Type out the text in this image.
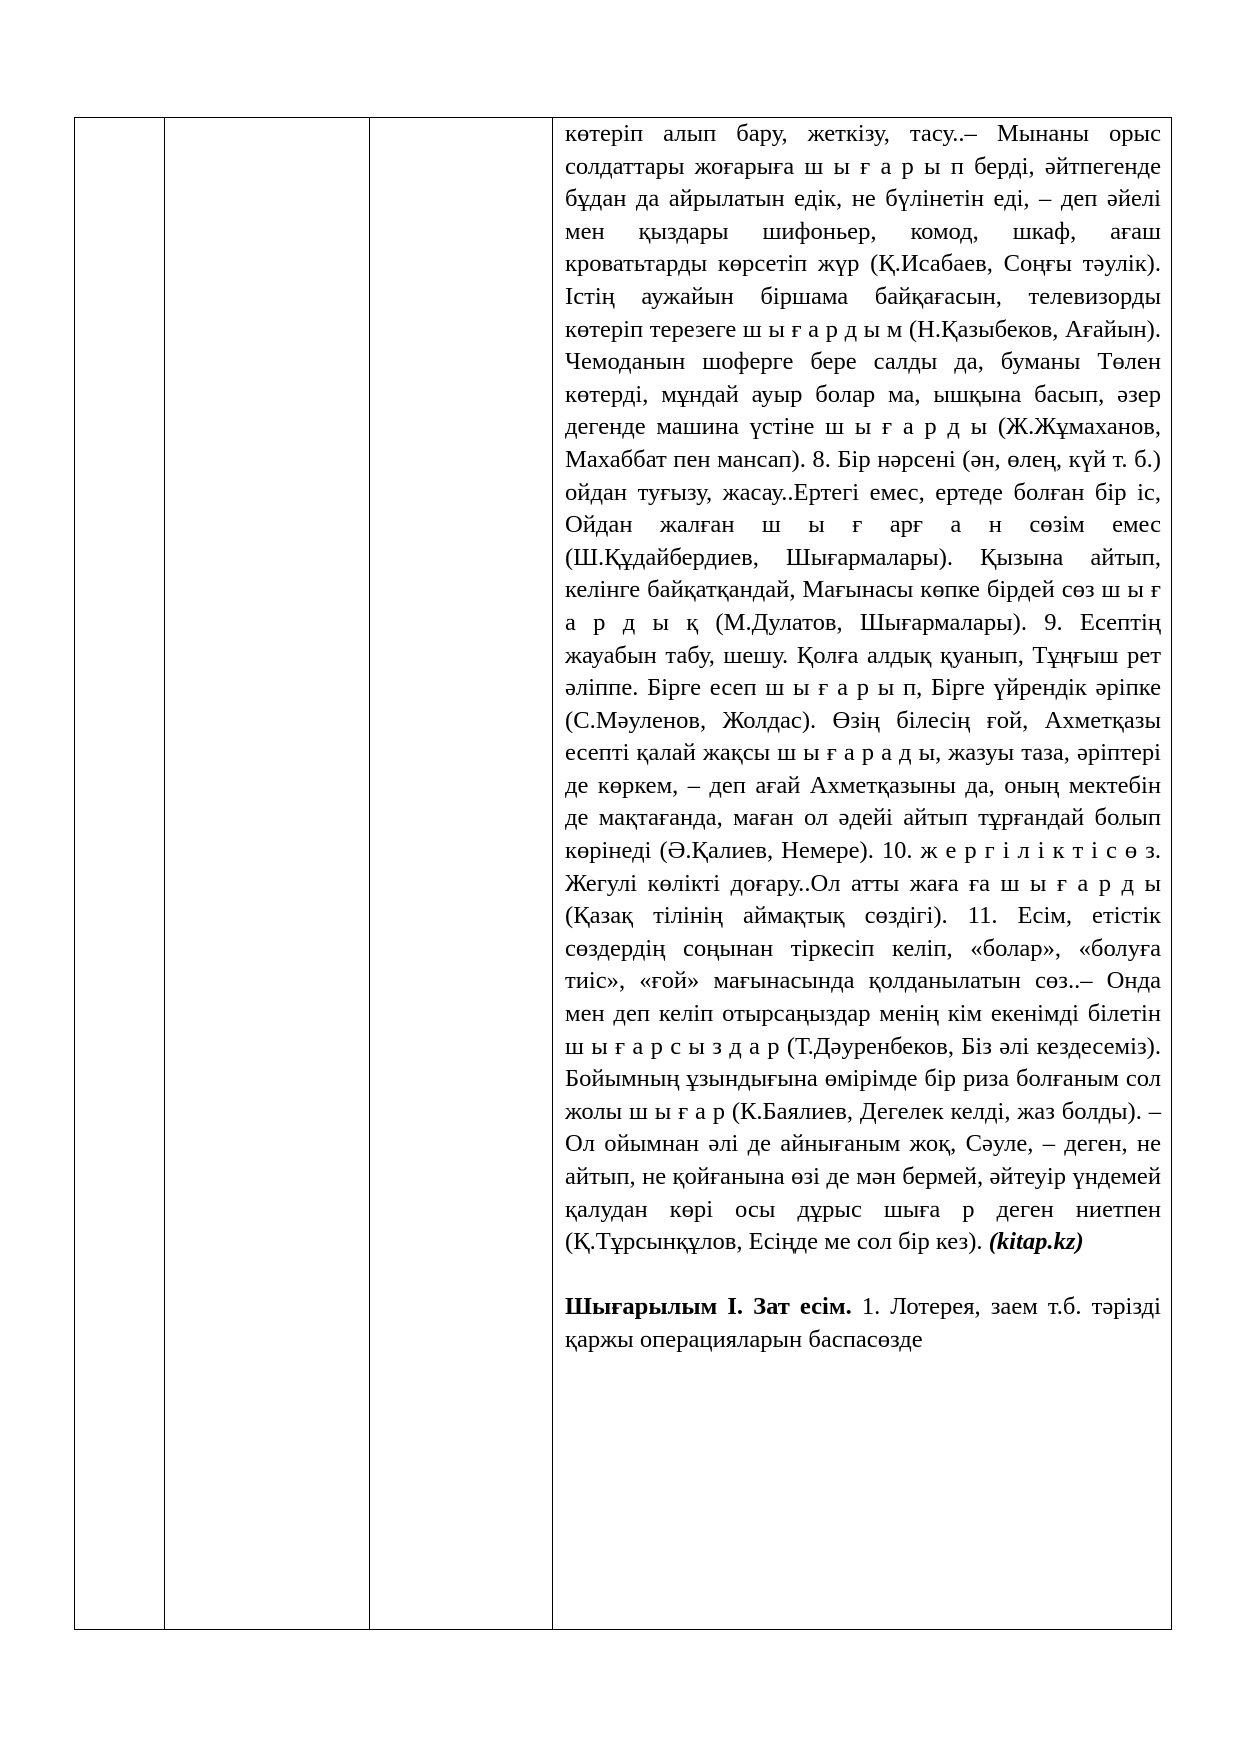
көтеріп алып бару, жеткізу, тасу..– Мынаны орыс солдаттары жоғарыға ш ы ғ а р ы п берді, әйтпегенде бұдан да айрылатын едік, не бүлінетін еді, – деп әйелі мен қыздары шифоньер, комод, шкаф, ағаш кроватьтарды көрсетіп жүр (Қ.Исабаев, Соңғы тәулік). Істің аужайын біршама байқағасын, телевизорды көтеріп терезеге ш ы ғ а р д ы м (Н.Қазыбеков, Ағайын). Чемоданын шоферге бере салды да, буманы Төлен көтерді, мұндай ауыр болар ма, ышқына басып, әзер дегенде машина үстіне ш ы ғ а р д ы (Ж.Жұмаханов, Махаббат пен мансап). 8. Бір нәрсені (ән, өлең, күй т. б.) ойдан туғызу, жасау..Ертегі емес, ертеде болған бір іс, Ойдан жалған ш ы ғ арғ а н сөзім емес (Ш.Құдайбердиев, Шығармалары). Қызына айтып, келінге байқатқандай, Мағынасы көпке бірдей сөз ш ы ғ а р д ы қ (М.Дулатов, Шығармалары). 9. Есептің жауабын табу, шешу. Қолға алдық қуанып, Тұңғыш рет әліппе. Бірге есеп ш ы ғ а р ы п, Бірге үйрендік әріпке (С.Мәуленов, Жолдас). Өзің білесің ғой, Ахметқазы есепті қалай жақсы ш ы ғ а р а д ы, жазуы таза, әріптері де көркем, – деп ағай Ахметқазыны да, оның мектебін де мақтағанда, маған ол әдейі айтып тұрғандай болып көрінеді (Ә.Қалиев, Немере). 10. ж е р г і л і к т і с ө з. Жегулі көлікті доғару..Ол атты жаға ға ш ы ғ а р д ы (Қазақ тілінің аймақтық сөздігі). 11. Есім, етістік сөздердің соңынан тіркесіп келіп, «болар», «болуға тиіс», «ғой» мағынасында қолданылатын сөз..– Онда мен деп келіп отырсаңыздар менің кім екенімді білетін ш ы ғ а р с ы з д а р (Т.Дәуренбеков, Біз әлі кездесеміз). Бойымның ұзындығына өмірімде бір риза болғаным сол жолы ш ы ғ а р (К.Баялиев, Дегелек келді, жаз болды). – Ол ойымнан әлі де айнығаным жоқ, Сәуле, – деген, не айтып, не қойғанына өзі де мән бермей, әйтеуір үндемей қалудан көрі осы дұрыс шыға р деген ниетпен (Қ.Тұрсынқұлов, Есіңде ме сол бір кез). (kitap.kz)

Шығарылым І. Зат есім. 1. Лотерея, заем т.б. тәрізді қаржы операцияларын баспасөзде
